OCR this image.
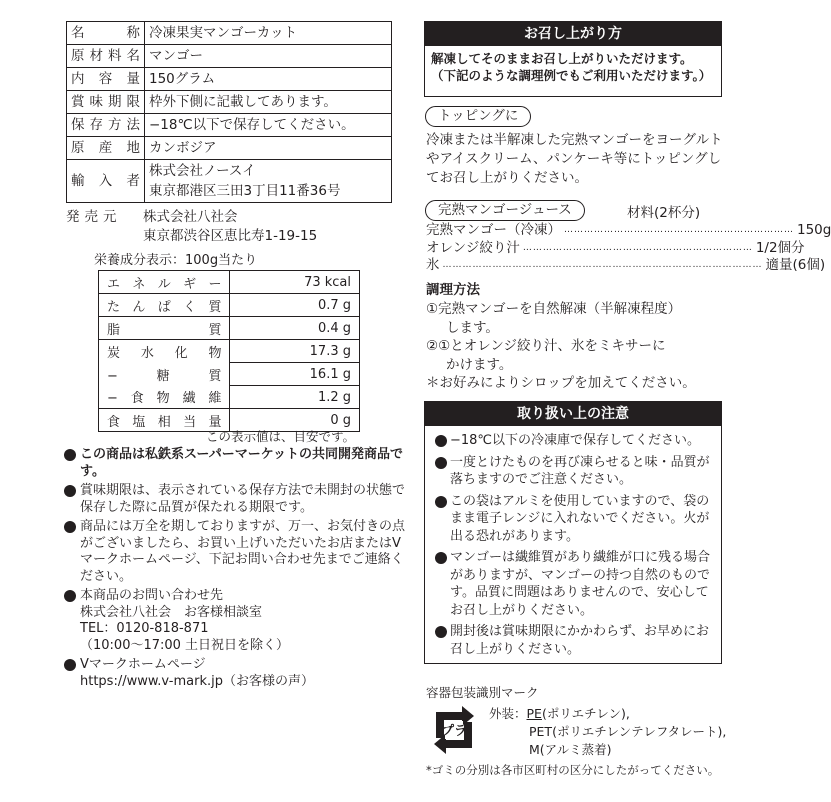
名称	冷凍果実マンゴーカット
原材料名	マンゴー
内容量	150グラム
賞味期限	枠外下側に記載してあります。
保存方法	−18℃以下で保存してください。
原産地	カンボジア
輸入者	株式会社ノースイ
東京都港区三田3丁目11番36号
発売元	株式会社八社会
東京都渋谷区恵比寿1-19-15
栄養成分表示：100g当たり
エネルギー	73 kcal
たんぱく質	0.7 g
脂質	0.4 g
炭水化物	17.3 g
−糖質	16.1 g
−食物繊維	1.2 g
食塩相当量	0 g
この表示値は、目安です。
この商品は私鉄系スーパーマーケットの共同開発商品です。
賞味期限は、表示されている保存方法で未開封の状態で保存した際に品質が保たれる期限です。
商品には万全を期しておりますが、万一、お気付きの点がございましたら、お買い上げいただいたお店またはVマークホームページ、下記お問い合わせ先までご連絡ください。
本商品のお問い合わせ先
株式会社八社会　お客様相談室
TEL：0120-818-871
（10:00〜17:00 土日祝日を除く）
Vマークホームページ
https://www.v-mark.jp（お客様の声）
お召し上がり方
解凍してそのままお召し上がりいただけます。
（下記のような調理例でもご利用いただけます。）
トッピングに
冷凍または半解凍した完熟マンゴーをヨーグルトやアイスクリーム、パンケーキ等にトッピングしてお召し上がりください。
完熟マンゴージュース	材料(2杯分)
完熟マンゴー（冷凍） …………………………………………………………… 150g
オレンジ絞り汁 …………………………………………………………… 1/2個分
氷 …………………………………………………………………………………… 適量(6個)
調理方法
①完熟マンゴーを自然解凍（半解凍程度）
します。
②①とオレンジ絞り汁、氷をミキサーに
かけます。
＊お好みによりシロップを加えてください。
取り扱い上の注意
−18℃以下の冷凍庫で保存してください。
一度とけたものを再び凍らせると味・品質が落ちますのでご注意ください。
この袋はアルミを使用していますので、袋のまま電子レンジに入れないでください。火が出る恐れがあります。
マンゴーは繊維質があり繊維が口に残る場合がありますが、マンゴーの持つ自然のものです。品質に問題はありませんので、安心してお召し上がりください。
開封後は賞味期限にかかわらず、お早めにお召し上がりください。
容器包装識別マーク
プラ
外装：PE(ポリエチレン),
PET(ポリエチレンテレフタレート),
M(アルミ蒸着)
*ゴミの分別は各市区町村の区分にしたがってください。
